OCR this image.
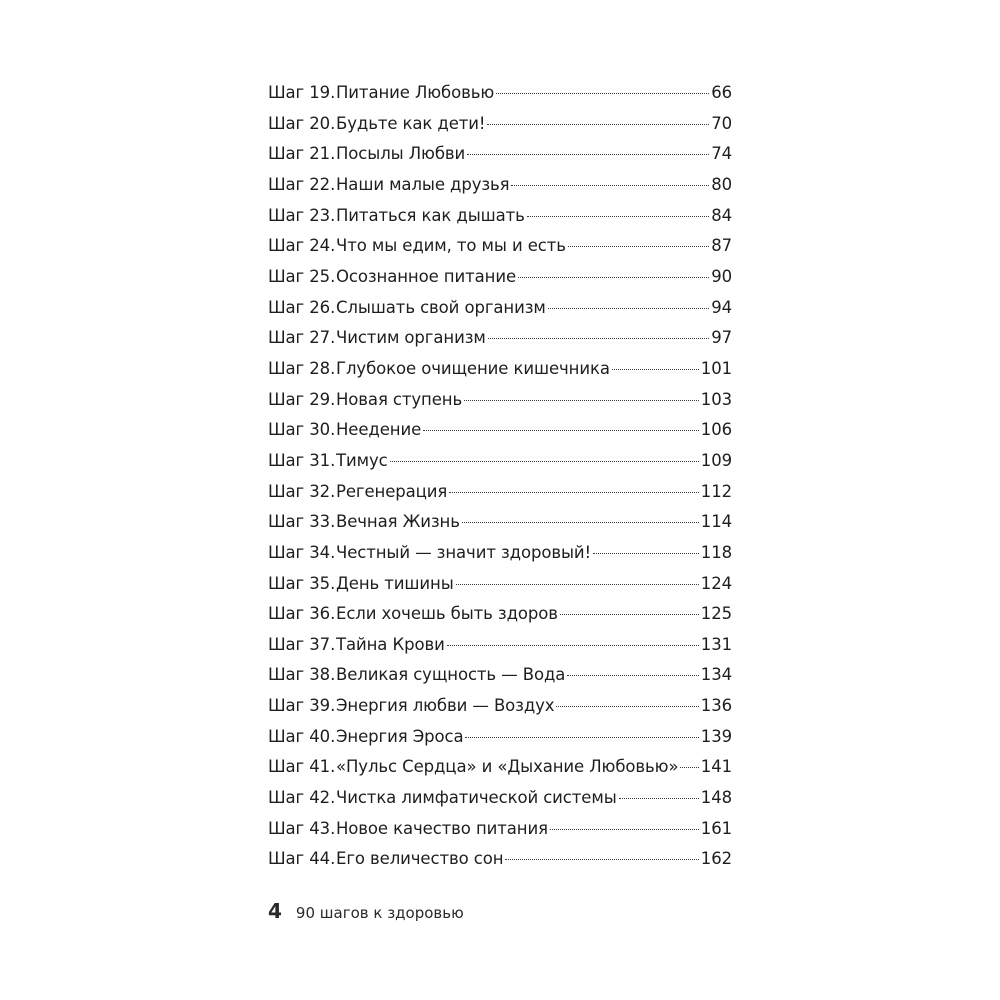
Шаг 19. Питание Любовью	66
Шаг 20. Будьте как дети!	70
Шаг 21. Посылы Любви	74
Шаг 22. Наши малые друзья	80
Шаг 23. Питаться как дышать	84
Шаг 24. Что мы едим, то мы и есть	87
Шаг 25. Осознанное питание	90
Шаг 26. Слышать свой организм	94
Шаг 27. Чистим организм	97
Шаг 28. Глубокое очищение кишечника	101
Шаг 29. Новая ступень	103
Шаг 30. Неедение	106
Шаг 31. Тимус	109
Шаг 32. Регенерация	112
Шаг 33. Вечная Жизнь	114
Шаг 34. Честный — значит здоровый!	118
Шаг 35. День тишины	124
Шаг 36. Если хочешь быть здоров	125
Шаг 37. Тайна Крови	131
Шаг 38. Великая сущность — Вода	134
Шаг 39. Энергия любви — Воздух	136
Шаг 40. Энергия Эроса	139
Шаг 41. «Пульс Сердца» и «Дыхание Любовью» 141
Шаг 42. Чистка лимфатической системы	148
Шаг 43. Новое качество питания	161
Шаг 44. Его величество сон	162
4 90 шагов к здоровью
